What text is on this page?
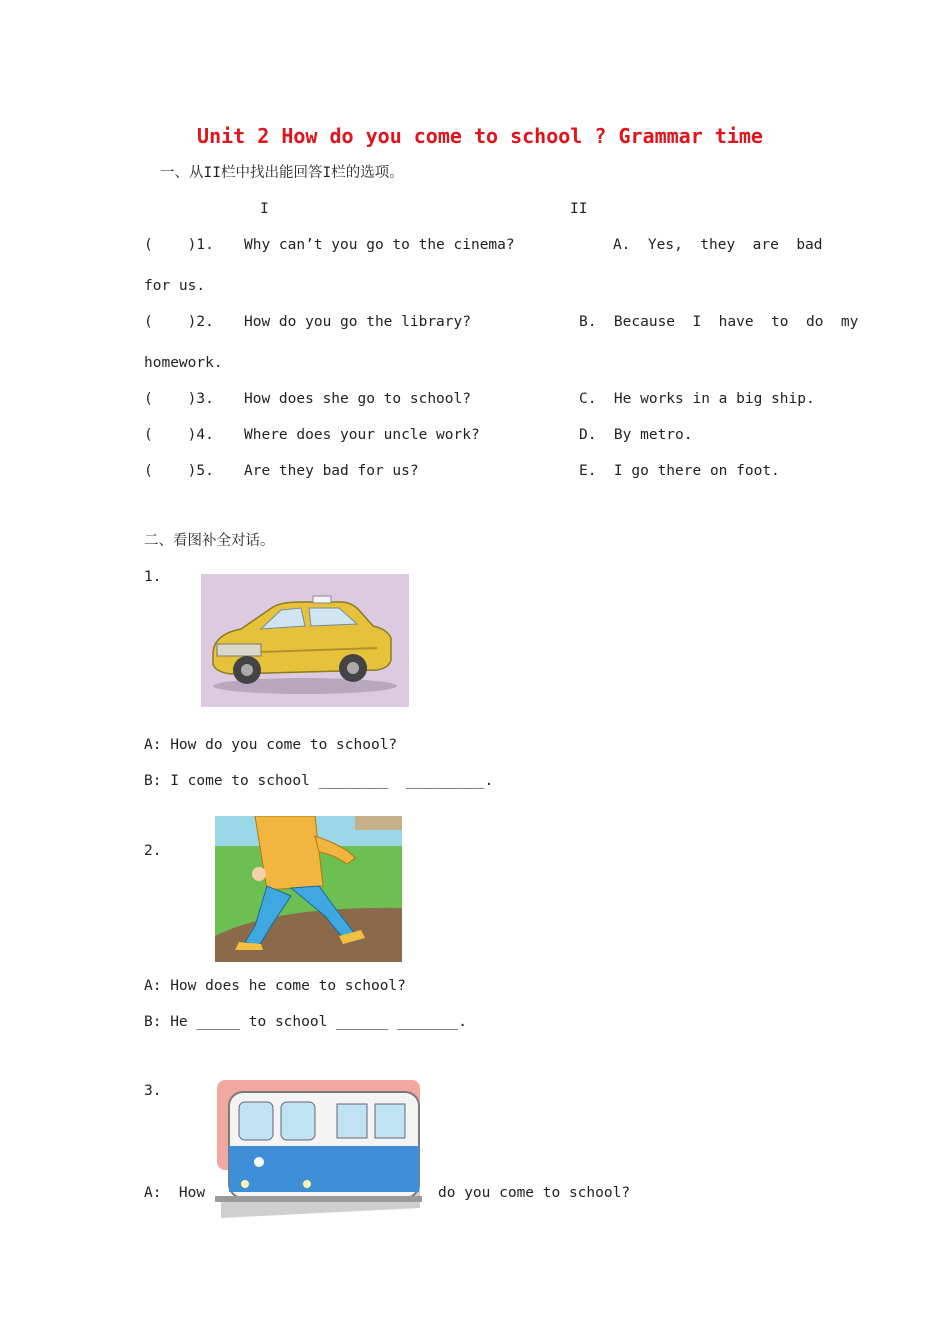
Unit 2 How do you come to school ? Grammar time
一、从II栏中找出能回答I栏的选项。
I	II
(    )1. Why can’t you go to the cinema?	A.  Yes,  they  are  bad
for us.
(    )2. How do you go the library?	B.  Because  I  have  to  do  my
homework.
(    )3. How does she go to school?	C.  He works in a big ship.
(    )4. Where does your uncle work?	D.  By metro.
(    )5. Are they bad for us?	E.  I go there on foot.
二、看图补全对话。
1.
A: How do you come to school?
B: I come to school ________  _________.
2.
A: How does he come to school?
B: He _____ to school ______ _______.
3.
A:  How	do you come to school?
